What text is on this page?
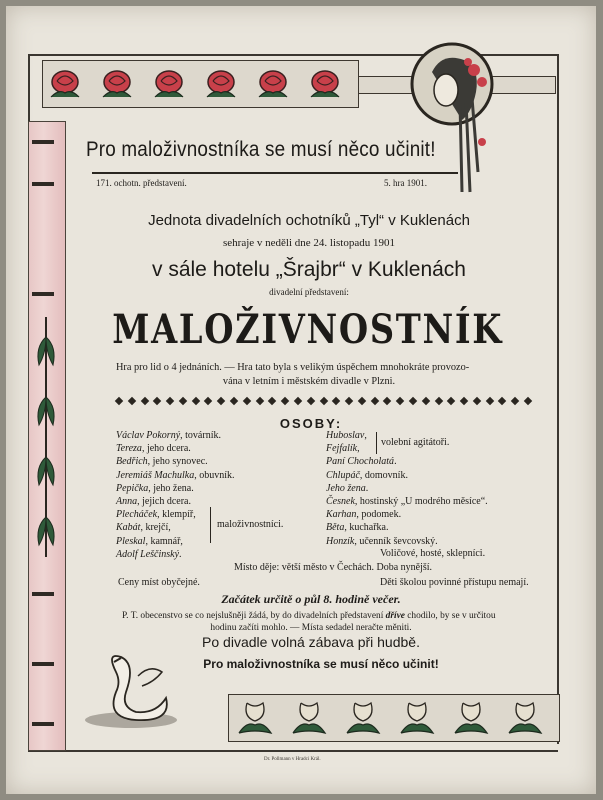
Pro maloživnostníka se musí něco učinit!
171. ochotn. představení.	5. hra 1901.
Jednota divadelních ochotníků „Tyl“ v Kuklenách
sehraje v neděli dne 24. listopadu 1901
v sále hotelu „Šrajbr“ v Kuklenách
divadelní představení:
MALOŽIVNOSTNÍK
Hra pro lid o 4 jednáních. — Hra tato byla s velikým úspěchem mnohokráte provozo-
vána v letním i městském divadle v Plzni.
OSOBY:
Václav Pokorný, továrník.
Tereza, jeho dcera.
Bedřich, jeho synovec.
Jeremiáš Machulka, obuvník.
Pepička, jeho žena.
Anna, jejich dcera.
Plecháček, klempíř,
Kabát, krejčí,
Pleskal, kamnář,
Adolf Leščinský.
Huboslav,
Fejfalík,
Paní Chocholatá.
Chlupáč, domovník.
Jeho žena.
Česnek, hostinský „U modrého měsíce“.
Karhan, podomek.
Běta, kuchařka.
Honzík, učenník ševcovský.
maloživnostníci.
volební agitátoři.
Voličové, hosté, sklepníci.
Místo děje: větší město v Čechách. Doba nynější.
Ceny míst obyčejné.	Děti školou povinné přístupu nemají.
Začátek určitě o půl 8. hodině večer.
P. T. obecenstvo se co nejslušněji žádá, by do divadelních představení dříve chodilo, by se v určitou
hodinu začíti mohlo. — Místa sedadel neračte měniti.
Po divadle volná zábava při hudbě.
Pro maloživnostníka se musí něco učinit!
Dr. Pollmann v Hradci Král.
